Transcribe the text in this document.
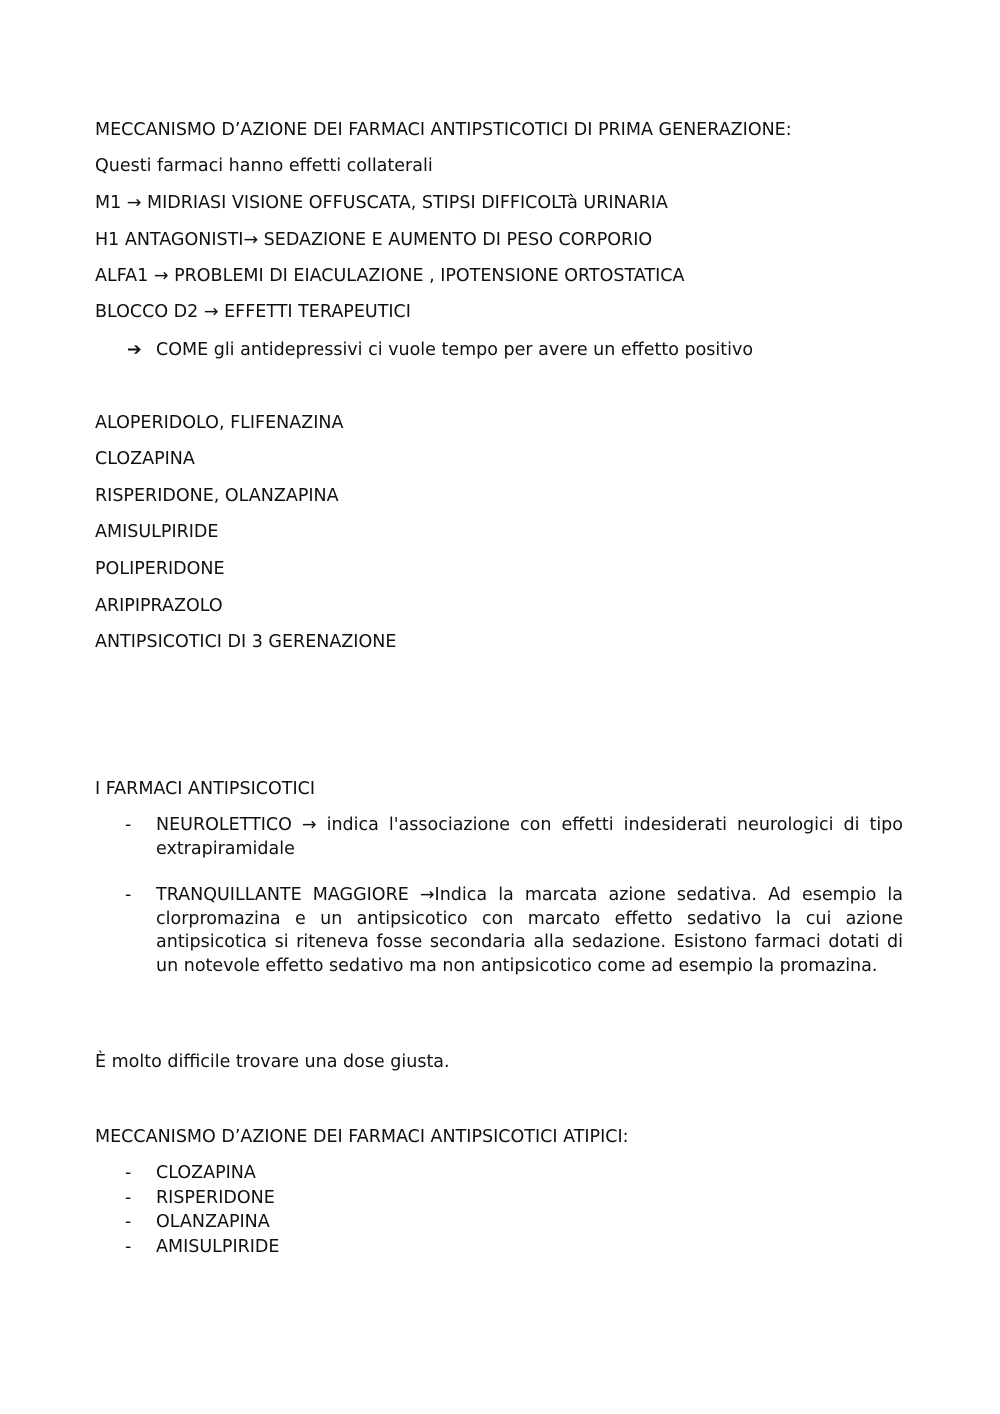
MECCANISMO D’AZIONE DEI FARMACI ANTIPSTICOTICI DI PRIMA GENERAZIONE:

Questi farmaci hanno effetti collaterali

M1 → MIDRIASI VISIONE OFFUSCATA, STIPSI DIFFICOLTà URINARIA

H1 ANTAGONISTI→ SEDAZIONE E AUMENTO DI PESO CORPORIO

ALFA1 → PROBLEMI DI EIACULAZIONE , IPOTENSIONE ORTOSTATICA

BLOCCO D2 → EFFETTI TERAPEUTICI

➔ COME gli antidepressivi ci vuole tempo per avere un effetto positivo

ALOPERIDOLO, FLIFENAZINA

CLOZAPINA

RISPERIDONE, OLANZAPINA

AMISULPIRIDE

POLIPERIDONE

ARIPIPRAZOLO

ANTIPSICOTICI DI 3 GERENAZIONE

I FARMACI ANTIPSICOTICI

-	NEUROLETTICO → indica l'associazione con effetti indesiderati neurologici di tipo extrapiramidale
-	TRANQUILLANTE MAGGIORE →Indica la marcata azione sedativa. Ad esempio la clorpromazina e un antipsicotico con marcato effetto sedativo la cui azione antipsicotica si riteneva fosse secondaria alla sedazione. Esistono farmaci dotati di un notevole effetto sedativo ma non antipsicotico come ad esempio la promazina.

È molto difficile trovare una dose giusta.

MECCANISMO D’AZIONE DEI FARMACI ANTIPSICOTICI ATIPICI:

- CLOZAPINA
- RISPERIDONE
- OLANZAPINA
- AMISULPIRIDE
